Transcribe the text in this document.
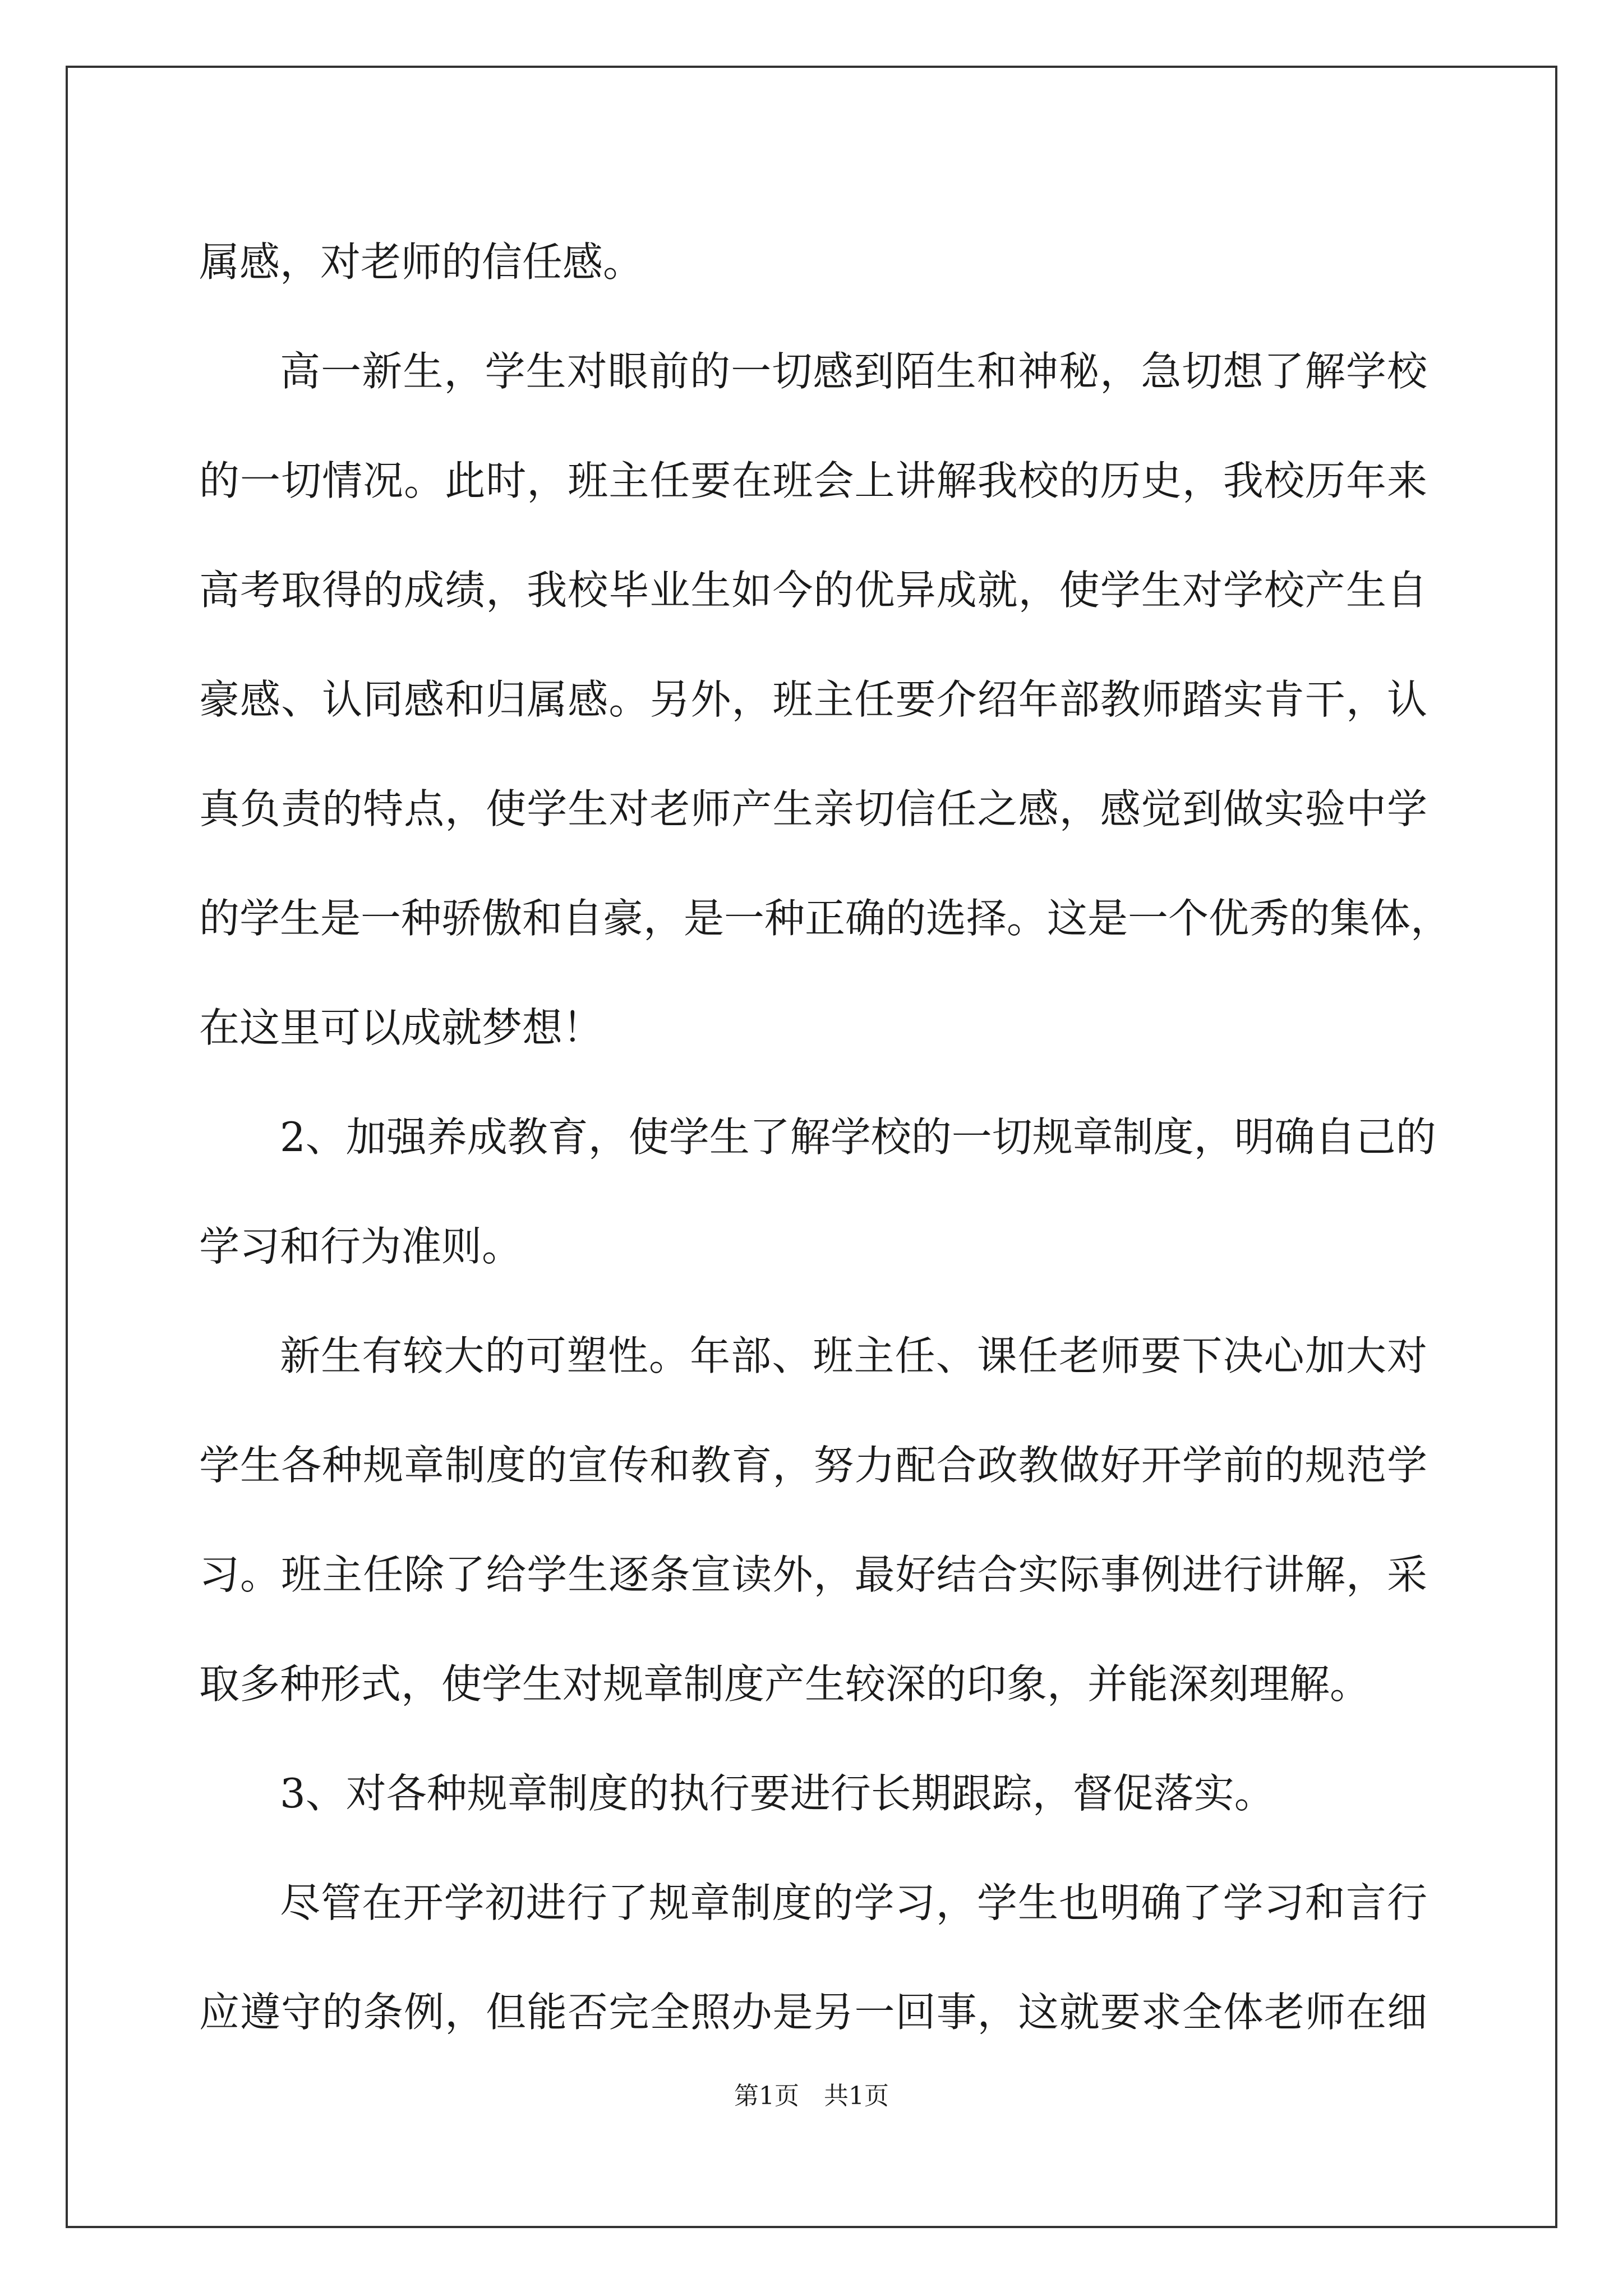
属感，对老师的信任感。
高一新生，学生对眼前的一切感到陌生和神秘，急切想了解学校
的一切情况。此时，班主任要在班会上讲解我校的历史，我校历年来
高考取得的成绩，我校毕业生如今的优异成就，使学生对学校产生自
豪感、认同感和归属感。另外，班主任要介绍年部教师踏实肯干，认
真负责的特点，使学生对老师产生亲切信任之感，感觉到做实验中学
的学生是一种骄傲和自豪，是一种正确的选择。这是一个优秀的集体，
在这里可以成就梦想！
2、加强养成教育，使学生了解学校的一切规章制度，明确自己的
学习和行为准则。
新生有较大的可塑性。年部、班主任、课任老师要下决心加大对
学生各种规章制度的宣传和教育，努力配合政教做好开学前的规范学
习。班主任除了给学生逐条宣读外，最好结合实际事例进行讲解，采
取多种形式，使学生对规章制度产生较深的印象，并能深刻理解。
3、对各种规章制度的执行要进行长期跟踪，督促落实。
尽管在开学初进行了规章制度的学习，学生也明确了学习和言行
应遵守的条例，但能否完全照办是另一回事，这就要求全体老师在细
第1页　共1页
